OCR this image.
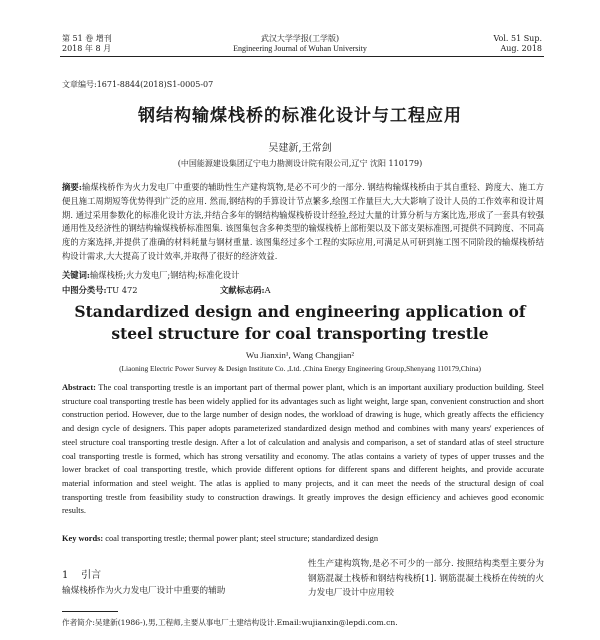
第 51 卷 增刊
2018 年 8 月
武汉大学学报(工学版)
Engineering Journal of Wuhan University
Vol. 51 Sup.
Aug. 2018
文章编号:1671-8844(2018)S1-0005-07
钢结构输煤栈桥的标准化设计与工程应用
吴建新,王常剑
(中国能源建设集团辽宁电力勘测设计院有限公司,辽宁 沈阳 110179)
摘要:输煤栈桥作为火力发电厂中重要的辅助性生产建构筑物,是必不可少的一部分. 钢结构输煤栈桥由于其自重轻、跨度大、施工方便且施工周期短等优势得到广泛的应用. 然而,钢结构的手算设计节点繁多,绘图工作量巨大,大大影响了设计人员的工作效率和设计周期. 通过采用参数化的标准化设计方法,并结合多年的钢结构输煤栈桥设计经验,经过大量的计算分析与方案比选,形成了一套具有较强通用性及经济性的钢结构输煤栈桥标准图集. 该图集包含多种类型的输煤栈桥上部桁架以及下部支架标准图,可提供不同跨度、不同高度的方案选择,并提供了准确的材料耗量与钢材重量. 该图集经过多个工程的实际应用,可满足从可研到施工图不同阶段的输煤栈桥结构设计需求,大大提高了设计效率,并取得了很好的经济效益.
关键词:输煤栈桥;火力发电厂;钢结构;标准化设计
中图分类号:TU 472	文献标志码:A
Standardized design and engineering application of
steel structure for coal transporting trestle
Wu Jianxin¹, Wang Changjian²
(Liaoning Electric Power Survey & Design Institute Co. ,Ltd. ,China Energy Engineering Group,Shenyang 110179,China)
Abstract: The coal transporting trestle is an important part of thermal power plant, which is an important auxiliary production building. Steel structure coal transporting trestle has been widely applied for its advantages such as light weight, large span, convenient construction and short construction period. However, due to the large number of design nodes, the workload of drawing is huge, which greatly affects the efficiency and design cycle of designers. This paper adopts parameterized standardized design method and combines with many years' experiences of steel structure coal transporting trestle design. After a lot of calculation and analysis and comparison, a set of standard atlas of steel structure coal transporting trestle is formed, which has strong versatility and economy. The atlas contains a variety of types of upper trusses and the lower bracket of coal transporting trestle, which provide different options for different spans and different heights, and provide accurate material information and steel weight. The atlas is applied to many projects, and it can meet the needs of the structural design of coal transporting trestle from feasibility study to construction drawings. It greatly improves the design efficiency and achieves good economic results.
Key words: coal transporting trestle; thermal power plant; steel structure; standardized design
1 引言
输煤栈桥作为火力发电厂设计中重要的辅助
性生产建构筑物,是必不可少的一部分. 按照结构类型主要分为钢筋混凝土栈桥和钢结构栈桥[1]. 钢筋混凝土栈桥在传统的火力发电厂设计中应用较
作者简介:吴建新(1986-),男,工程师,主要从事电厂土建结构设计.Email:wujianxin@lepdi.com.cn.
